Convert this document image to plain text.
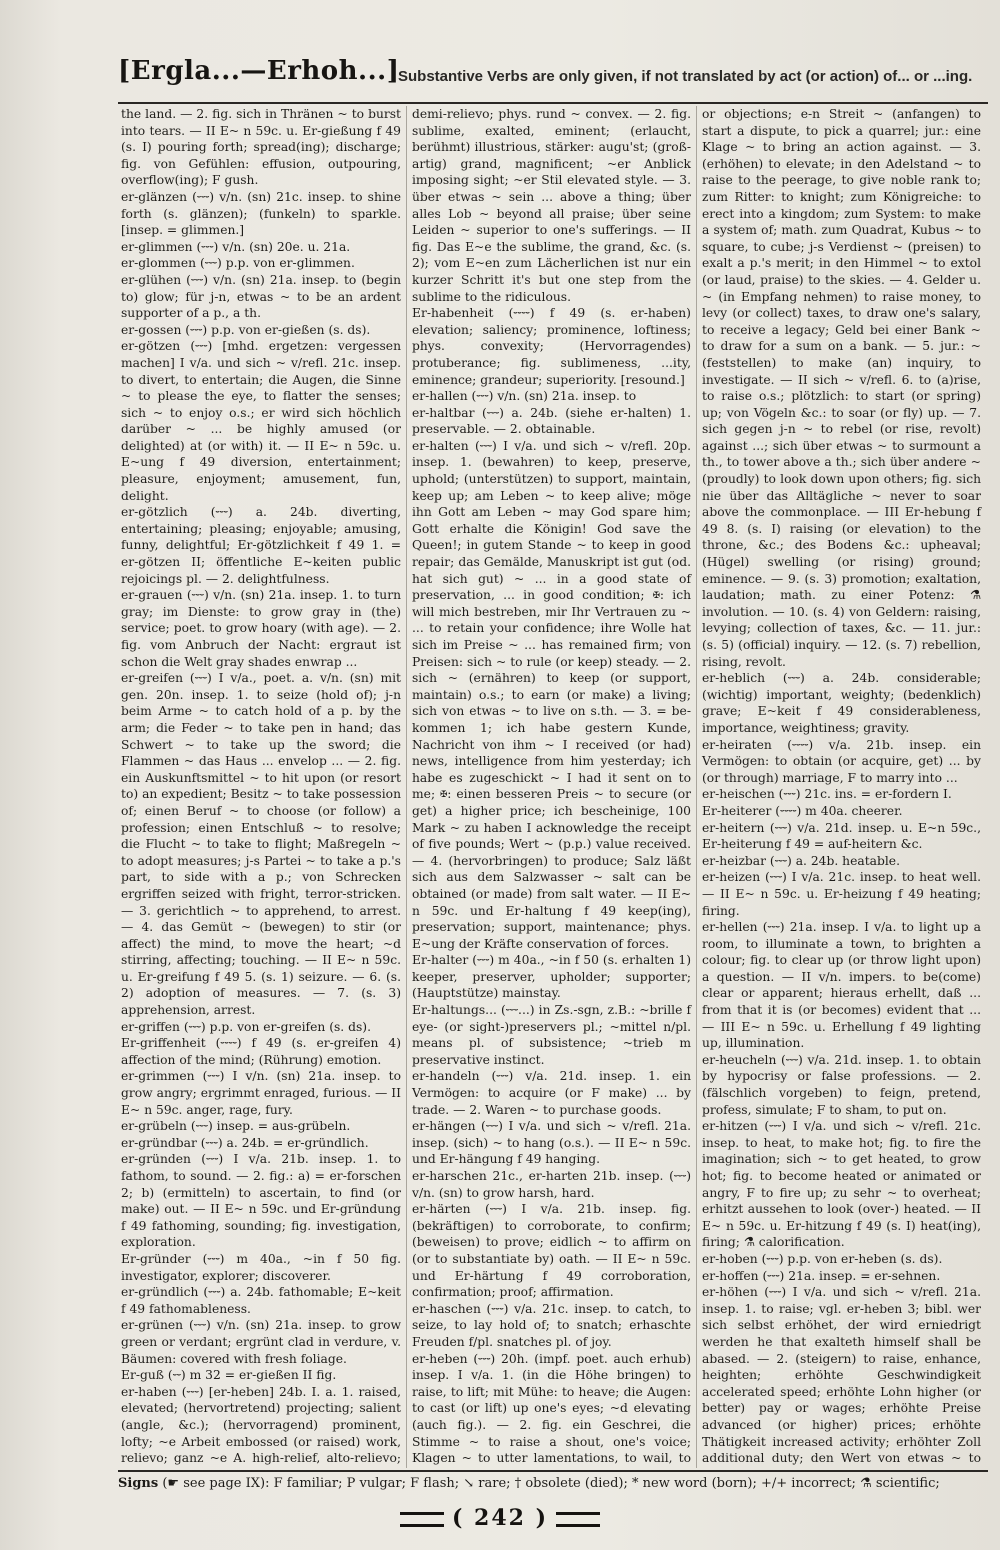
[Ergla...—Erhoh...]
Substantive Verbs are only given, if not translated by act (or action) of... or ...ing.

the land. — 2. fig. sich in Thränen ~ to burst into tears. — II E~ n 59c. u. Er-gießung f 49 (s. I) pouring forth; spread(ing); discharge; fig. von Gefühlen: effusion, outpouring, overflow(ing); F gush.

er-glänzen (⏑⏑⏑) v/n. (sn) 21c. insep. to shine forth (s. glänzen); (funkeln) to sparkle. [insep. = glimmen.]

er-glimmen (⏑⏑⏑) v/n. (sn) 20e. u. 21a.

er-glommen (⏑⏑⏑) p.p. von er-glimmen.

er-glühen (⏑⏑⏑) v/n. (sn) 21a. insep. to (begin to) glow; für j-n, etwas ~ to be an ardent supporter of a p., a th.

er-gossen (⏑⏑⏑) p.p. von er-gießen (s. ds).

er-götzen (⏑⏑⏑) [mhd. ergetzen: vergessen machen] I v/a. und sich ~ v/refl. 21c. insep. to divert, to entertain; die Augen, die Sinne ~ to please the eye, to flatter the senses; sich ~ to enjoy o.s.; er wird sich höchlich darüber ~ ... be highly amused (or delighted) at (or with) it. — II E~ n 59c. u. E~ung f 49 diversion, entertainment; pleasure, enjoyment; amusement, fun, delight.

er-götzlich (⏑⏑⏑) a. 24b. diverting, entertaining; pleasing; enjoyable; amusing, funny, delightful; Er-götzlichkeit f 49 1. = er-götzen II; öffentliche E~keiten public rejoicings pl. — 2. delightfulness.

er-grauen (⏑⏑⏑) v/n. (sn) 21a. insep. 1. to turn gray; im Dienste: to grow gray in (the) service; poet. to grow hoary (with age). — 2. fig. vom Anbruch der Nacht: ergraut ist schon die Welt gray shades enwrap ...

er-greifen (⏑⏑⏑) I v/a., poet. a. v/n. (sn) mit gen. 20n. insep. 1. to seize (hold of); j-n beim Arme ~ to catch hold of a p. by the arm; die Feder ~ to take pen in hand; das Schwert ~ to take up the sword; die Flammen ~ das Haus ... envelop ... — 2. fig. ein Auskunftsmittel ~ to hit upon (or resort to) an expedient; Besitz ~ to take possession of; einen Beruf ~ to choose (or follow) a profession; einen Entschluß ~ to resolve; die Flucht ~ to take to flight; Maßregeln ~ to adopt measures; j-s Partei ~ to take a p.'s part, to side with a p.; von Schrecken ergriffen seized with fright, terror-stricken. — 3. gerichtlich ~ to apprehend, to arrest. — 4. das Gemüt ~ (bewegen) to stir (or affect) the mind, to move the heart; ~d stirring, affecting; touching. — II E~ n 59c. u. Er-greifung f 49 5. (s. 1) seizure. — 6. (s. 2) adoption of measures. — 7. (s. 3) apprehension, arrest.

er-griffen (⏑⏑⏑) p.p. von er-greifen (s. ds).

Er-griffenheit (⏑⏑⏑⏑) f 49 (s. er-greifen 4) affection of the mind; (Rührung) emotion.

er-grimmen (⏑⏑⏑) I v/n. (sn) 21a. insep. to grow angry; ergrimmt enraged, furious. — II E~ n 59c. anger, rage, fury.

er-grübeln (⏑⏑⏑) insep. = aus-grübeln.

er-gründbar (⏑⏑⏑) a. 24b. = er-gründlich.

er-gründen (⏑⏑⏑) I v/a. 21b. insep. 1. to fathom, to sound. — 2. fig.: a) = er-forschen 2; b) (ermitteln) to ascertain, to find (or make) out. — II E~ n 59c. und Er-gründung f 49 fathoming, sounding; fig. investigation, exploration.

Er-gründer (⏑⏑⏑) m 40a., ~in f 50 fig. investigator, explorer; discoverer.

er-gründlich (⏑⏑⏑) a. 24b. fathomable; E~keit f 49 fathomableness.

er-grünen (⏑⏑⏑) v/n. (sn) 21a. insep. to grow green or verdant; ergrünt clad in verdure, v. Bäumen: covered with fresh foliage.

Er-guß (⏑⏑) m 32 = er-gießen II fig.

er-haben (⏑⏑⏑) [er-heben] 24b. I. a. 1. raised, elevated; (hervortretend) projecting; salient (angle, &c.); (hervorragend) prominent, lofty; ~e Arbeit embossed (or raised) work, relievo; ganz ~e A. high-relief, alto-relievo;

demi-relievo; phys. rund ~ convex. — 2. fig. sublime, exalted, eminent; (erlaucht, berühmt) illustrious, stärker: augu'st; (groß-artig) grand, magnificent; ~er Anblick imposing sight; ~er Stil elevated style. — 3. über etwas ~ sein ... above a thing; über alles Lob ~ beyond all praise; über seine Leiden ~ superior to one's sufferings. — II fig. Das E~e the sublime, the grand, &c. (s. 2); vom E~en zum Lächerlichen ist nur ein kurzer Schritt it's but one step from the sublime to the ridiculous.

Er-habenheit (⏑⏑⏑⏑) f 49 (s. er-haben) elevation; saliency; prominence, loftiness; phys. convexity; (Hervorragendes) protuberance; fig. sublimeness, ...ity, eminence; grandeur; superiority. [resound.]

er-hallen (⏑⏑⏑) v/n. (sn) 21a. insep. to

er-haltbar (⏑⏑⏑) a. 24b. (siehe er-halten) 1. preservable. — 2. obtainable.

er-halten (⏑⏑⏑) I v/a. und sich ~ v/refl. 20p. insep. 1. (bewahren) to keep, preserve, uphold; (unterstützen) to support, maintain, keep up; am Leben ~ to keep alive; möge ihn Gott am Leben ~ may God spare him; Gott erhalte die Königin! God save the Queen!; in gutem Stande ~ to keep in good repair; das Gemälde, Manuskript ist gut (od. hat sich gut) ~ ... in a good state of preservation, ... in good condition; ✠: ich will mich bestreben, mir Ihr Vertrauen zu ~ ... to retain your confidence; ihre Wolle hat sich im Preise ~ ... has remained firm; von Preisen: sich ~ to rule (or keep) steady. — 2. sich ~ (ernähren) to keep (or support, maintain) o.s.; to earn (or make) a living; sich von etwas ~ to live on s.th. — 3. = be-kommen 1; ich habe gestern Kunde, Nachricht von ihm ~ I received (or had) news, intelligence from him yesterday; ich habe es zugeschickt ~ I had it sent on to me; ✠: einen besseren Preis ~ to secure (or get) a higher price; ich bescheinige, 100 Mark ~ zu haben I acknowledge the receipt of five pounds; Wert ~ (p.p.) value received. — 4. (hervorbringen) to produce; Salz läßt sich aus dem Salzwasser ~ salt can be obtained (or made) from salt water. — II E~ n 59c. und Er-haltung f 49 keep(ing), preservation; support, maintenance; phys. E~ung der Kräfte conservation of forces.

Er-halter (⏑⏑⏑) m 40a., ~in f 50 (s. erhalten 1) keeper, preserver, upholder; supporter; (Hauptstütze) mainstay.

Er-haltungs... (⏑⏑⏑...) in Zs.-sgn, z.B.: ~brille f eye- (or sight-)preservers pl.; ~mittel n/pl. means pl. of subsistence; ~trieb m preservative instinct.

er-handeln (⏑⏑⏑) v/a. 21d. insep. 1. ein Vermögen: to acquire (or F make) ... by trade. — 2. Waren ~ to purchase goods.

er-hängen (⏑⏑⏑) I v/a. und sich ~ v/refl. 21a. insep. (sich) ~ to hang (o.s.). — II E~ n 59c. und Er-hängung f 49 hanging.

er-harschen 21c., er-harten 21b. insep. (⏑⏑⏑) v/n. (sn) to grow harsh, hard.

er-härten (⏑⏑⏑) I v/a. 21b. insep. fig. (bekräftigen) to corroborate, to confirm; (beweisen) to prove; eidlich ~ to affirm on (or to substantiate by) oath. — II E~ n 59c. und Er-härtung f 49 corroboration, confirmation; proof; affirmation.

er-haschen (⏑⏑⏑) v/a. 21c. insep. to catch, to seize, to lay hold of; to snatch; erhaschte Freuden f/pl. snatches pl. of joy.

er-heben (⏑⏑⏑) 20h. (impf. poet. auch erhub) insep. I v/a. 1. (in die Höhe bringen) to raise, to lift; mit Mühe: to heave; die Augen: to cast (or lift) up one's eyes; ~d elevating (auch fig.). — 2. fig. ein Geschrei, die Stimme ~ to raise a shout, one's voice; Klagen ~ to utter lamentations, to wail, to

or objections; e-n Streit ~ (anfangen) to start a dispute, to pick a quarrel; jur.: eine Klage ~ to bring an action against. — 3. (erhöhen) to elevate; in den Adelstand ~ to raise to the peerage, to give noble rank to; zum Ritter: to knight; zum Königreiche: to erect into a kingdom; zum System: to make a system of; math. zum Quadrat, Kubus ~ to square, to cube; j-s Verdienst ~ (preisen) to exalt a p.'s merit; in den Himmel ~ to extol (or laud, praise) to the skies. — 4. Gelder u. ~ (in Empfang nehmen) to raise money, to levy (or collect) taxes, to draw one's salary, to receive a legacy; Geld bei einer Bank ~ to draw for a sum on a bank. — 5. jur.: ~ (feststellen) to make (an) inquiry, to investigate. — II sich ~ v/refl. 6. to (a)rise, to raise o.s.; plötzlich: to start (or spring) up; von Vögeln &c.: to soar (or fly) up. — 7. sich gegen j-n ~ to rebel (or rise, revolt) against ...; sich über etwas ~ to surmount a th., to tower above a th.; sich über andere ~ (proudly) to look down upon others; fig. sich nie über das Alltägliche ~ never to soar above the commonplace. — III Er-hebung f 49 8. (s. I) raising (or elevation) to the throne, &c.; des Bodens &c.: upheaval; (Hügel) swelling (or rising) ground; eminence. — 9. (s. 3) promotion; exaltation, laudation; math. zu einer Potenz: ⚗ involution. — 10. (s. 4) von Geldern: raising, levying; collection of taxes, &c. — 11. jur.: (s. 5) (official) inquiry. — 12. (s. 7) rebellion, rising, revolt.

er-heblich (⏑⏑⏑) a. 24b. considerable; (wichtig) important, weighty; (bedenklich) grave; E~keit f 49 considerableness, importance, weightiness; gravity.

er-heiraten (⏑⏑⏑⏑) v/a. 21b. insep. ein Vermögen: to obtain (or acquire, get) ... by (or through) marriage, F to marry into ...

er-heischen (⏑⏑⏑) 21c. ins. = er-fordern I.

Er-heiterer (⏑⏑⏑⏑) m 40a. cheerer.

er-heitern (⏑⏑⏑) v/a. 21d. insep. u. E~n 59c., Er-heiterung f 49 = auf-heitern &c.

er-heizbar (⏑⏑⏑) a. 24b. heatable.

er-heizen (⏑⏑⏑) I v/a. 21c. insep. to heat well. — II E~ n 59c. u. Er-heizung f 49 heating; firing.

er-hellen (⏑⏑⏑) 21a. insep. I v/a. to light up a room, to illuminate a town, to brighten a colour; fig. to clear up (or throw light upon) a question. — II v/n. impers. to be(come) clear or apparent; hieraus erhellt, daß ... from that it is (or becomes) evident that ... — III E~ n 59c. u. Erhellung f 49 lighting up, illumination.

er-heucheln (⏑⏑⏑) v/a. 21d. insep. 1. to obtain by hypocrisy or false professions. — 2. (fälschlich vorgeben) to feign, pretend, profess, simulate; F to sham, to put on.

er-hitzen (⏑⏑⏑) I v/a. und sich ~ v/refl. 21c. insep. to heat, to make hot; fig. to fire the imagination; sich ~ to get heated, to grow hot; fig. to become heated or animated or angry, F to fire up; zu sehr ~ to overheat; erhitzt aussehen to look (over-) heated. — II E~ n 59c. u. Er-hitzung f 49 (s. I) heat(ing), firing; ⚗ calorification.

er-hoben (⏑⏑⏑) p.p. von er-heben (s. ds).

er-hoffen (⏑⏑⏑) 21a. insep. = er-sehnen.

er-höhen (⏑⏑⏑) I v/a. und sich ~ v/refl. 21a. insep. 1. to raise; vgl. er-heben 3; bibl. wer sich selbst erhöhet, der wird erniedrigt werden he that exalteth himself shall be abased. — 2. (steigern) to raise, enhance, heighten; erhöhte Geschwindigkeit accelerated speed; erhöhte Lohn higher (or better) pay or wages; erhöhte Preise advanced (or higher) prices; erhöhte Thätigkeit increased activity; erhöhter Zoll additional duty; den Wert von etwas ~ to

Signs (☛ see page IX): F familiar; P vulgar; F flash; ↘ rare; † obsolete (died); * new word (born); +/+ incorrect; ⚗ scientific;
( 242 )
